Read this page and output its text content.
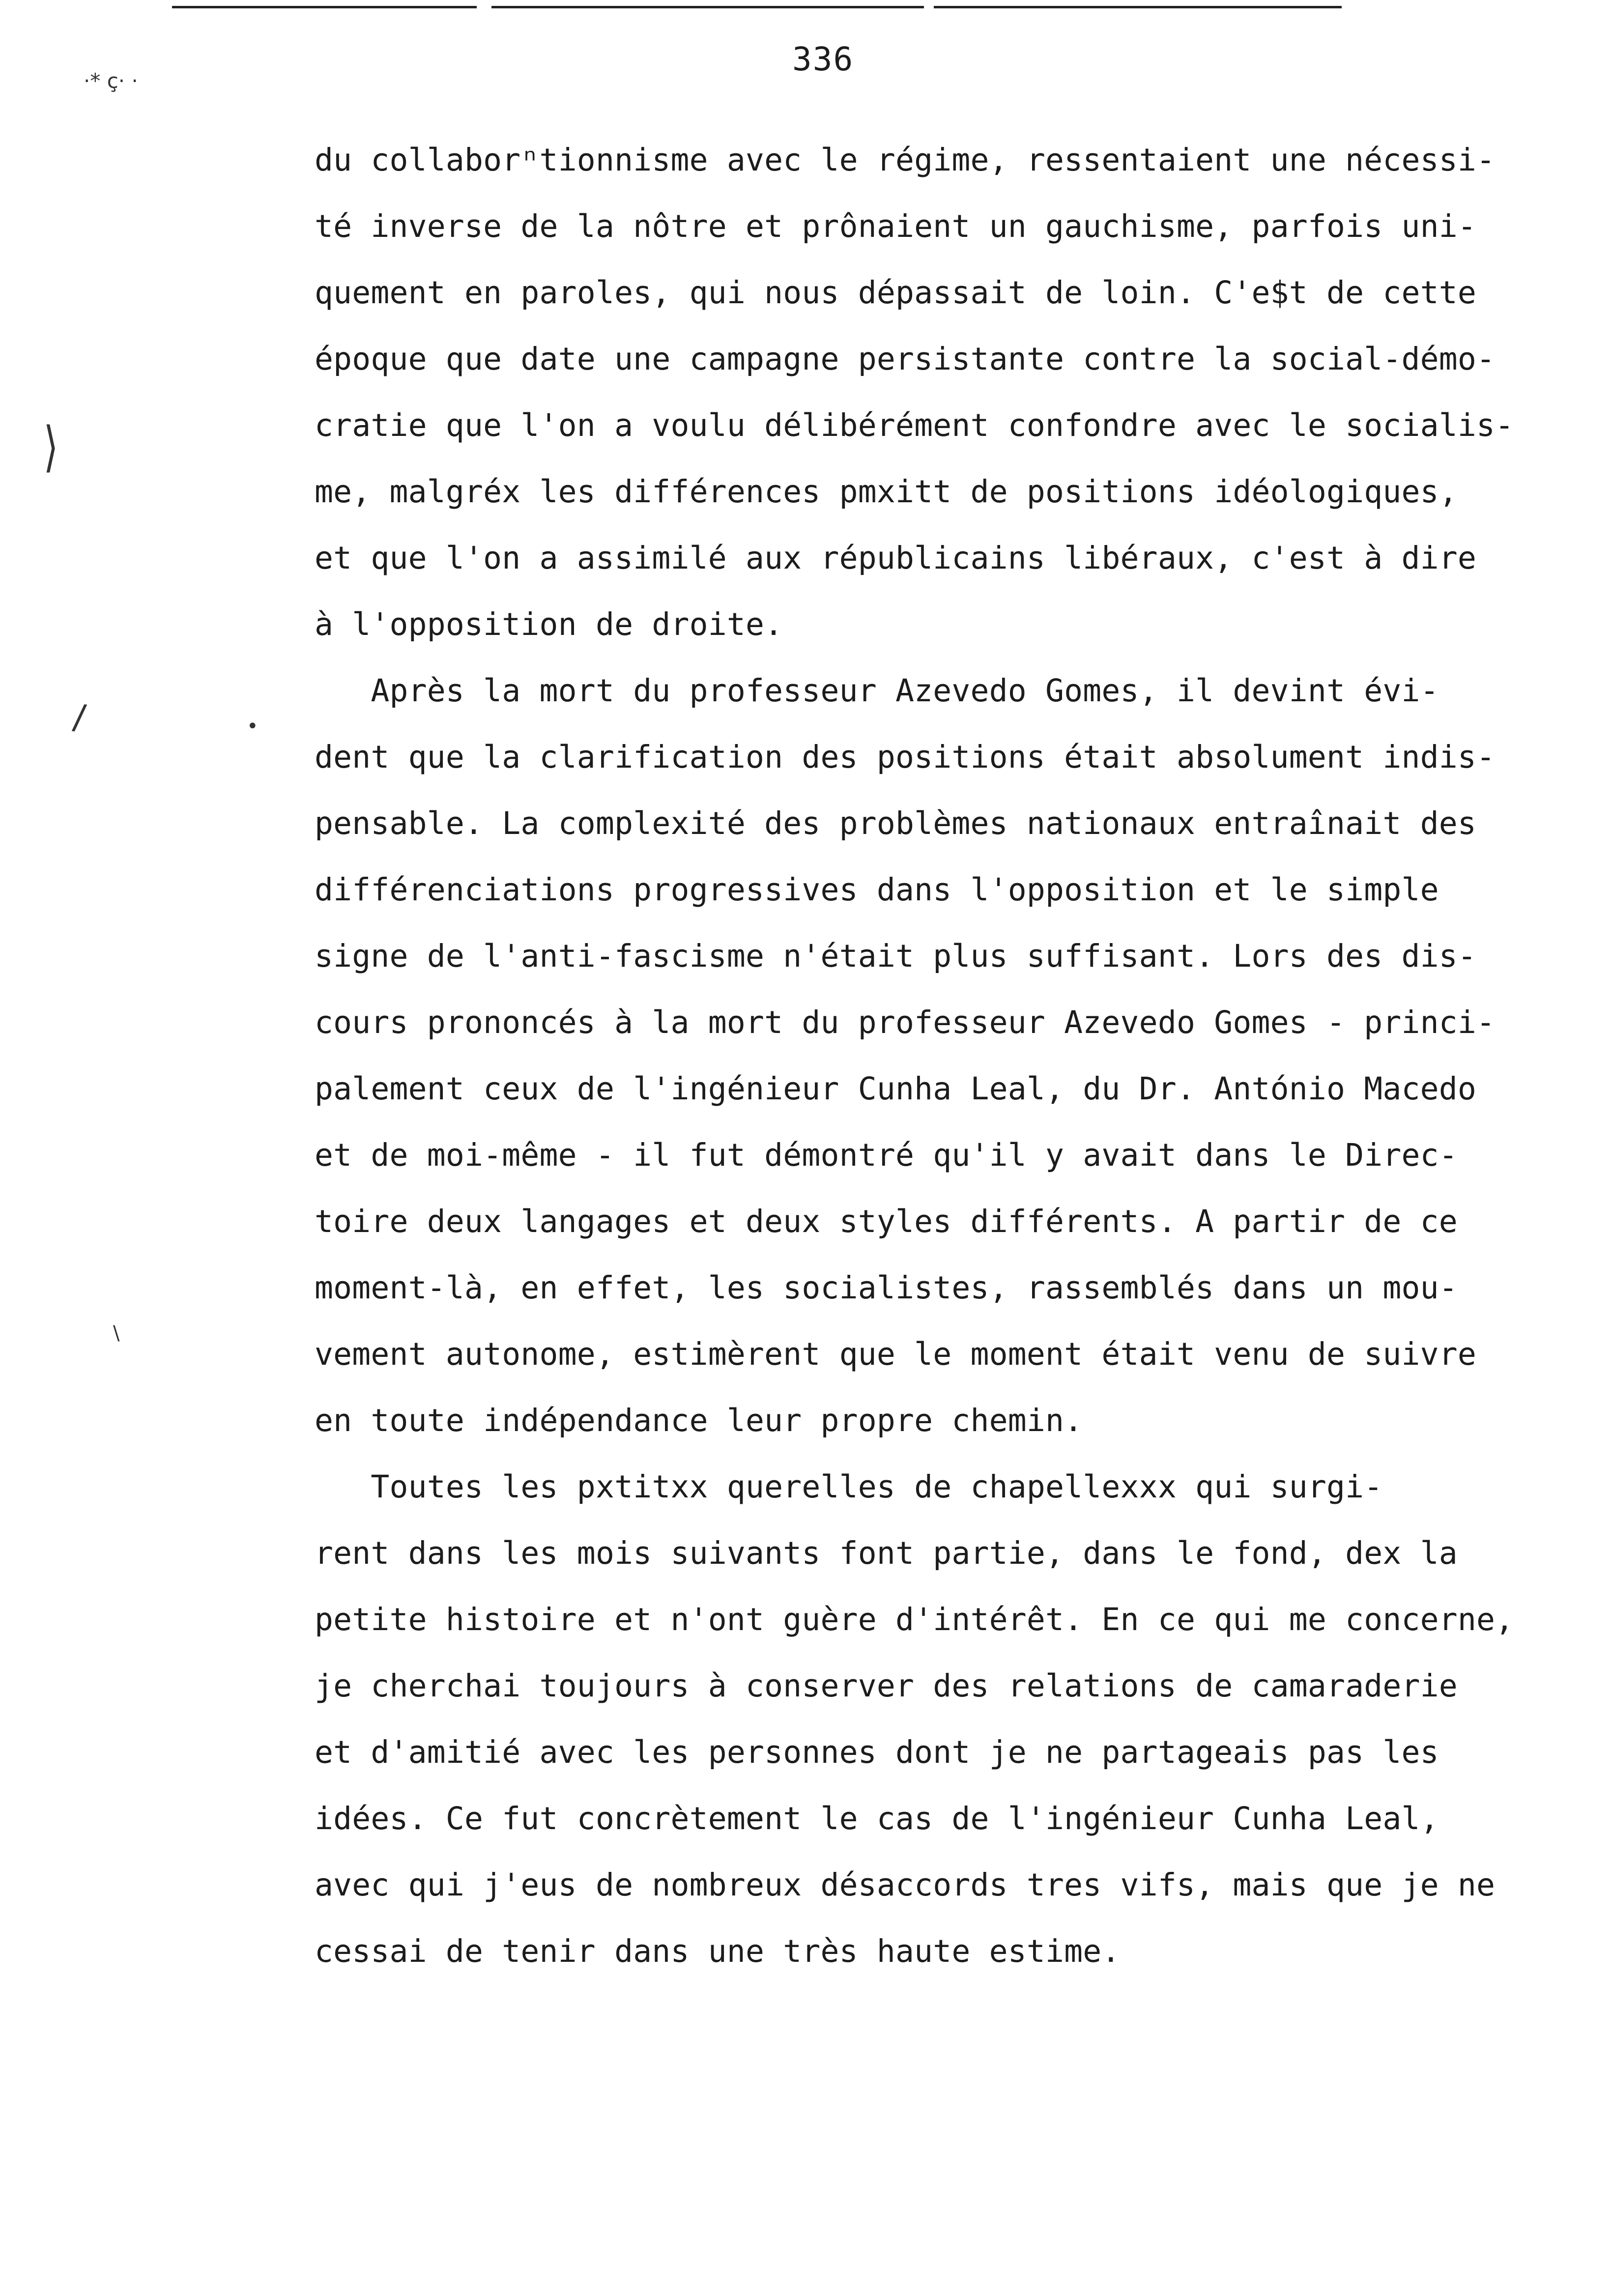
336
·* ç· ·
⟩
/	•
\
du collaborⁿtionnisme avec le régime, ressentaient une nécessi-
té inverse de la nôtre et prônaient un gauchisme, parfois uni-
quement en paroles, qui nous dépassait de loin. C'e$t de cette
époque que date une campagne persistante contre la social-démo-
cratie que l'on a voulu délibérément confondre avec le socialis-
me, malgréx les différences pmxitt de positions idéologiques,
et que l'on a assimilé aux républicains libéraux, c'est à dire
à l'opposition de droite.
Après la mort du professeur Azevedo Gomes, il devint évi-
dent que la clarification des positions était absolument indis-
pensable. La complexité des problèmes nationaux entraînait des
différenciations progressives dans l'opposition et le simple
signe de l'anti-fascisme n'était plus suffisant. Lors des dis-
cours prononcés à la mort du professeur Azevedo Gomes - princi-
palement ceux de l'ingénieur Cunha Leal, du Dr. António Macedo
et de moi-même - il fut démontré qu'il y avait dans le Direc-
toire deux langages et deux styles différents. A partir de ce
moment-là, en effet, les socialistes, rassemblés dans un mou-
vement autonome, estimèrent que le moment était venu de suivre
en toute indépendance leur propre chemin.
Toutes les pxtitxx querelles de chapellexxx qui surgi-
rent dans les mois suivants font partie, dans le fond, dex la
petite histoire et n'ont guère d'intérêt. En ce qui me concerne,
je cherchai toujours à conserver des relations de camaraderie
et d'amitié avec les personnes dont je ne partageais pas les
idées. Ce fut concrètement le cas de l'ingénieur Cunha Leal,
avec qui j'eus de nombreux désaccords tres vifs, mais que je ne
cessai de tenir dans une très haute estime.
